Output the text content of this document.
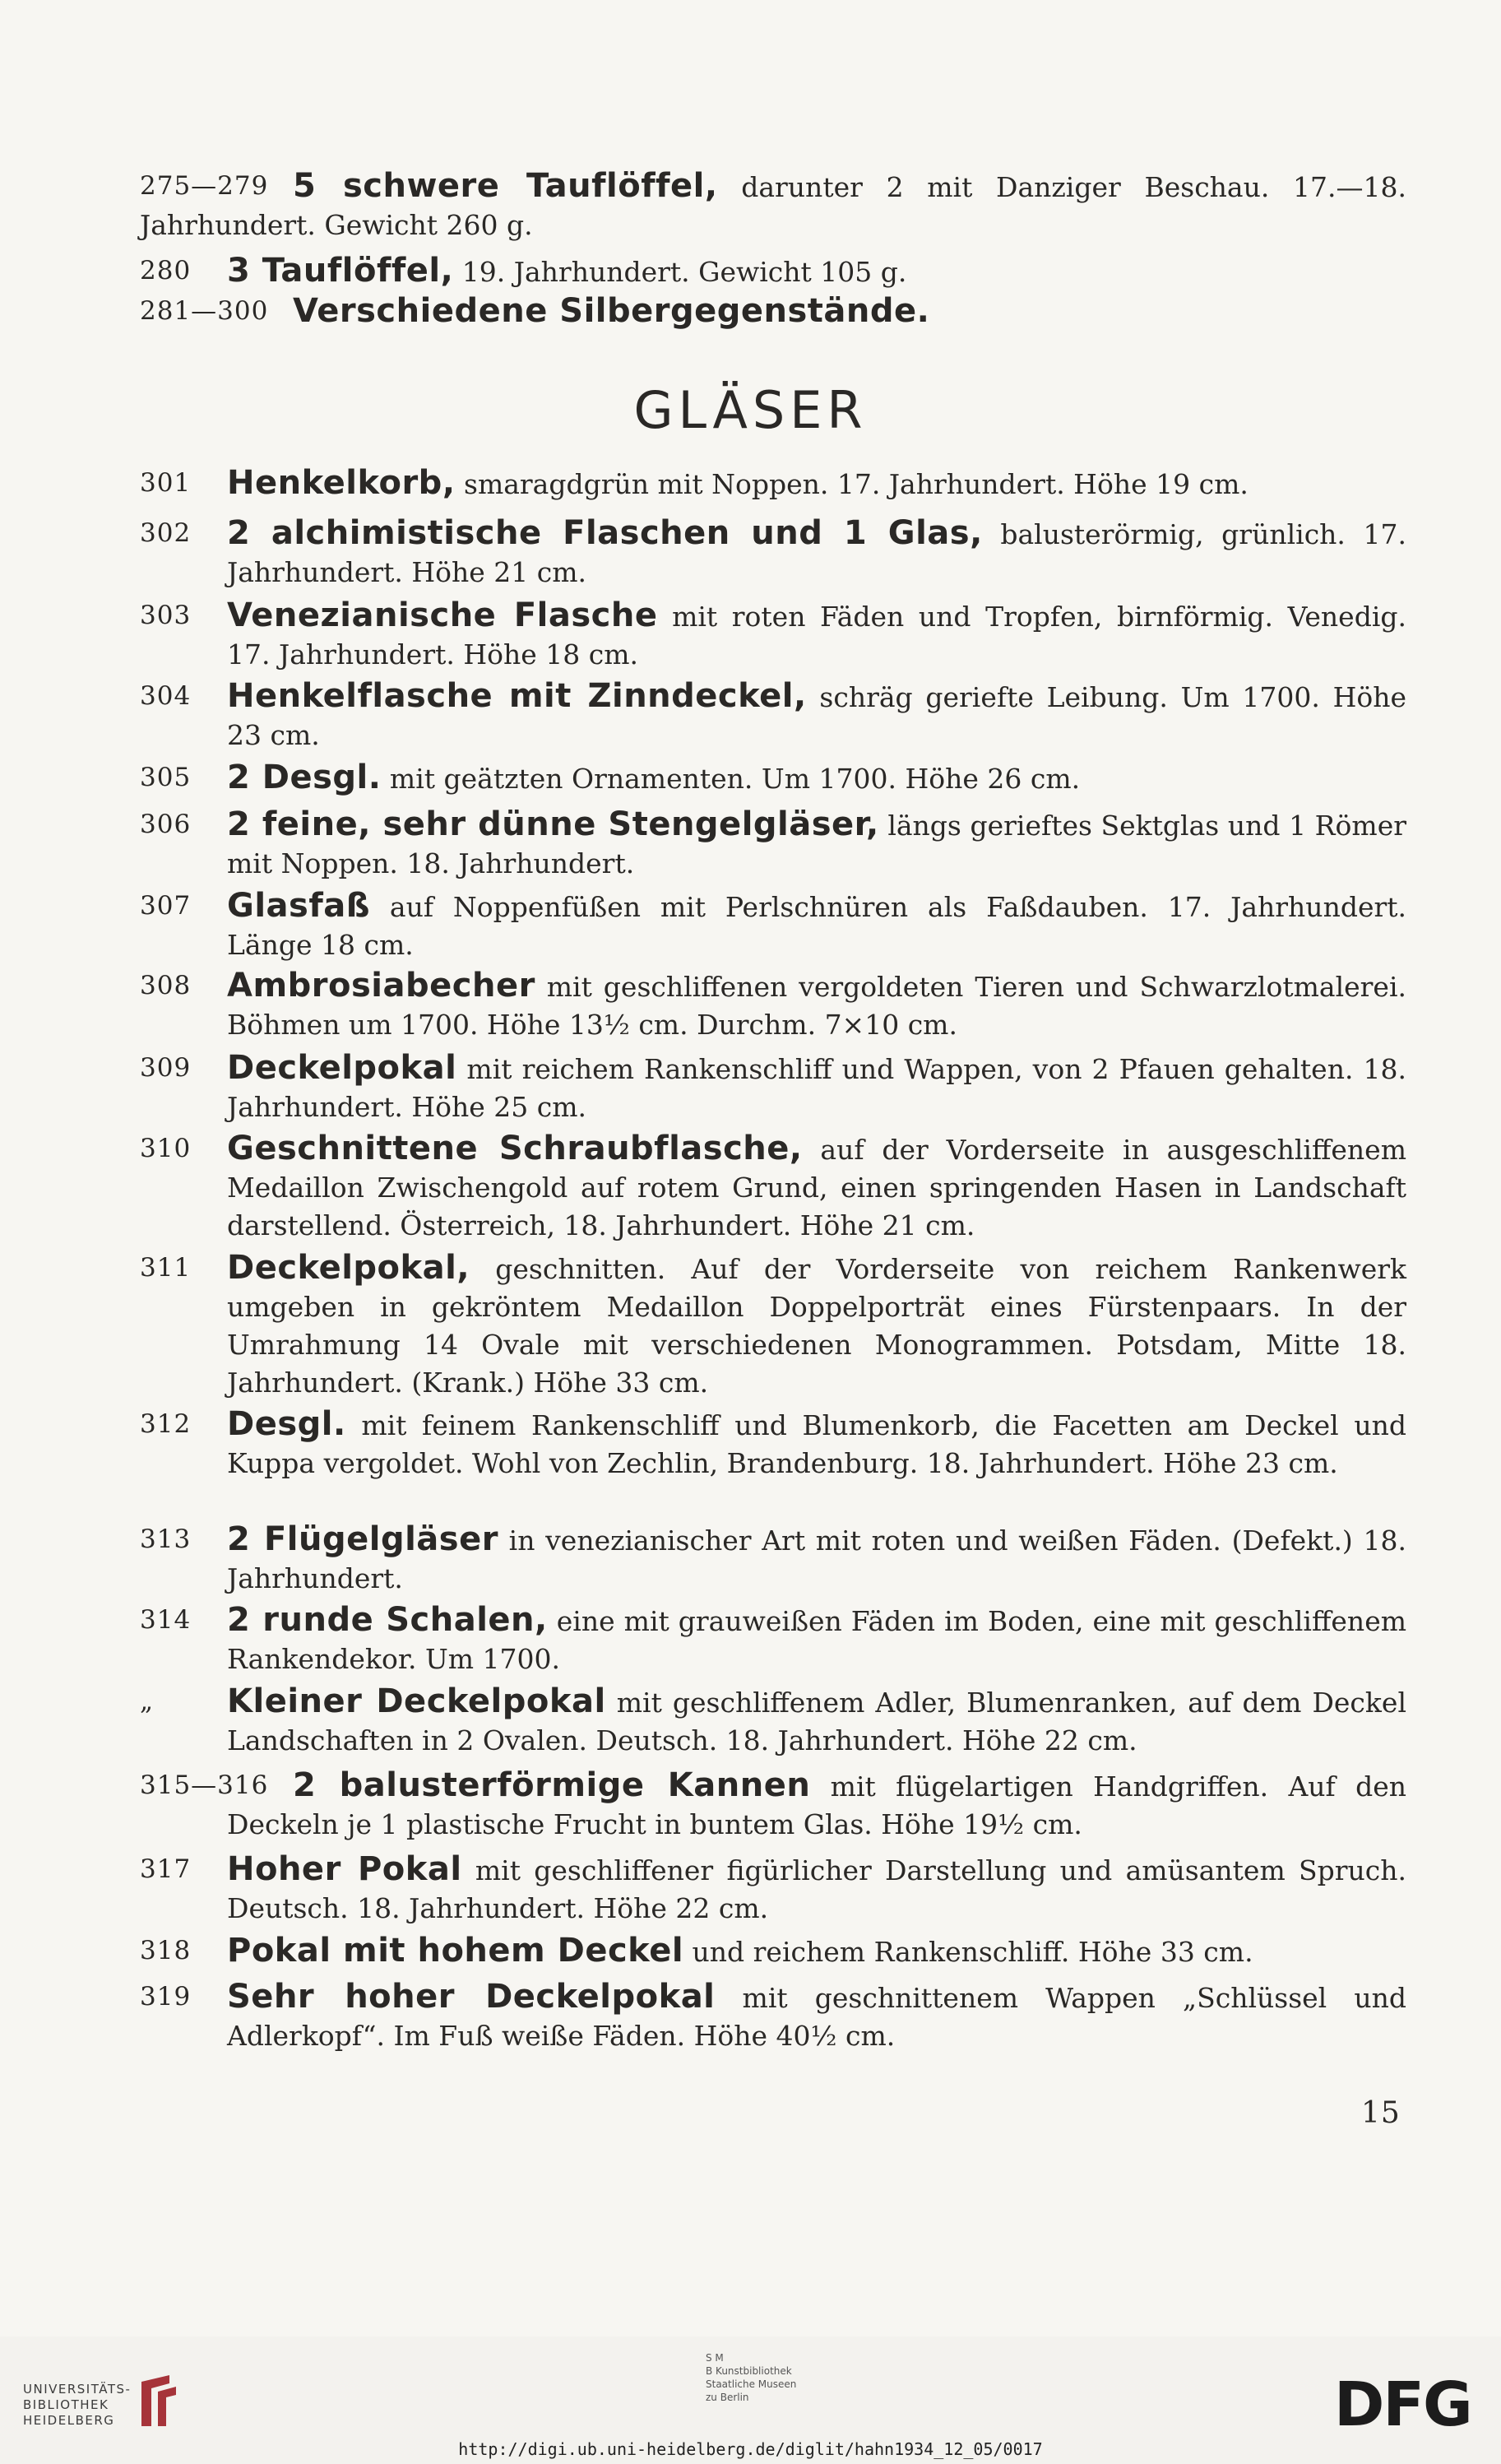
275—279 5 schwere Tauflöffel, darunter 2 mit Danziger Beschau. 17.—18. Jahrhundert. Gewicht 260 g.
280	3 Tauflöffel, 19. Jahrhundert. Gewicht 105 g.
281—300 Verschiedene Silbergegenstände.
GLÄSER
301	Henkelkorb, smaragdgrün mit Noppen. 17. Jahrhundert. Höhe 19 cm.
302	2 alchimistische Flaschen und 1 Glas, balusterörmig, grünlich. 17. Jahrhundert. Höhe 21 cm.
303	Venezianische Flasche mit roten Fäden und Tropfen, birnförmig. Venedig. 17. Jahrhundert. Höhe 18 cm.
304	Henkelflasche mit Zinndeckel, schräg geriefte Leibung. Um 1700. Höhe 23 cm.
305	2 Desgl. mit geätzten Ornamenten. Um 1700. Höhe 26 cm.
306	2 feine, sehr dünne Stengelgläser, längs gerieftes Sektglas und 1 Römer mit Noppen. 18. Jahrhundert.
307	Glasfaß auf Noppenfüßen mit Perlschnüren als Faßdauben. 17. Jahrhundert. Länge 18 cm.
308	Ambrosiabecher mit geschliffenen vergoldeten Tieren und Schwarzlotmalerei. Böhmen um 1700. Höhe 13½ cm. Durchm. 7×10 cm.
309	Deckelpokal mit reichem Rankenschliff und Wappen, von 2 Pfauen gehalten. 18. Jahrhundert. Höhe 25 cm.
310	Geschnittene Schraubflasche, auf der Vorderseite in ausgeschliffenem Medaillon Zwischengold auf rotem Grund, einen springenden Hasen in Landschaft darstellend. Österreich, 18. Jahrhundert. Höhe 21 cm.
311	Deckelpokal, geschnitten. Auf der Vorderseite von reichem Rankenwerk umgeben in gekröntem Medaillon Doppelporträt eines Fürstenpaars. In der Umrahmung 14 Ovale mit verschiedenen Monogrammen. Potsdam, Mitte 18. Jahrhundert. (Krank.) Höhe 33 cm.
312	Desgl. mit feinem Rankenschliff und Blumenkorb, die Facetten am Deckel und Kuppa vergoldet. Wohl von Zechlin, Brandenburg. 18. Jahrhundert. Höhe 23 cm.
313	2 Flügelgläser in venezianischer Art mit roten und weißen Fäden. (Defekt.) 18. Jahrhundert.
314	2 runde Schalen, eine mit grauweißen Fäden im Boden, eine mit geschliffenem Rankendekor. Um 1700.
„	Kleiner Deckelpokal mit geschliffenem Adler, Blumenranken, auf dem Deckel Landschaften in 2 Ovalen. Deutsch. 18. Jahrhundert. Höhe 22 cm.
315—316 2 balusterförmige Kannen mit flügelartigen Handgriffen. Auf den Deckeln je 1 plastische Frucht in buntem Glas. Höhe 19½ cm.
317	Hoher Pokal mit geschliffener figürlicher Darstellung und amüsantem Spruch. Deutsch. 18. Jahrhundert. Höhe 22 cm.
318	Pokal mit hohem Deckel und reichem Rankenschliff. Höhe 33 cm.
319	Sehr hoher Deckelpokal mit geschnittenem Wappen „Schlüssel und Adlerkopf“. Im Fuß weiße Fäden. Höhe 40½ cm.
15
UNIVERSITÄTS-
BIBLIOTHEK
HEIDELBERG
S M
B Kunstbibliothek
Staatliche Museen
zu Berlin	DFG
http://digi.ub.uni-heidelberg.de/diglit/hahn1934_12_05/0017
